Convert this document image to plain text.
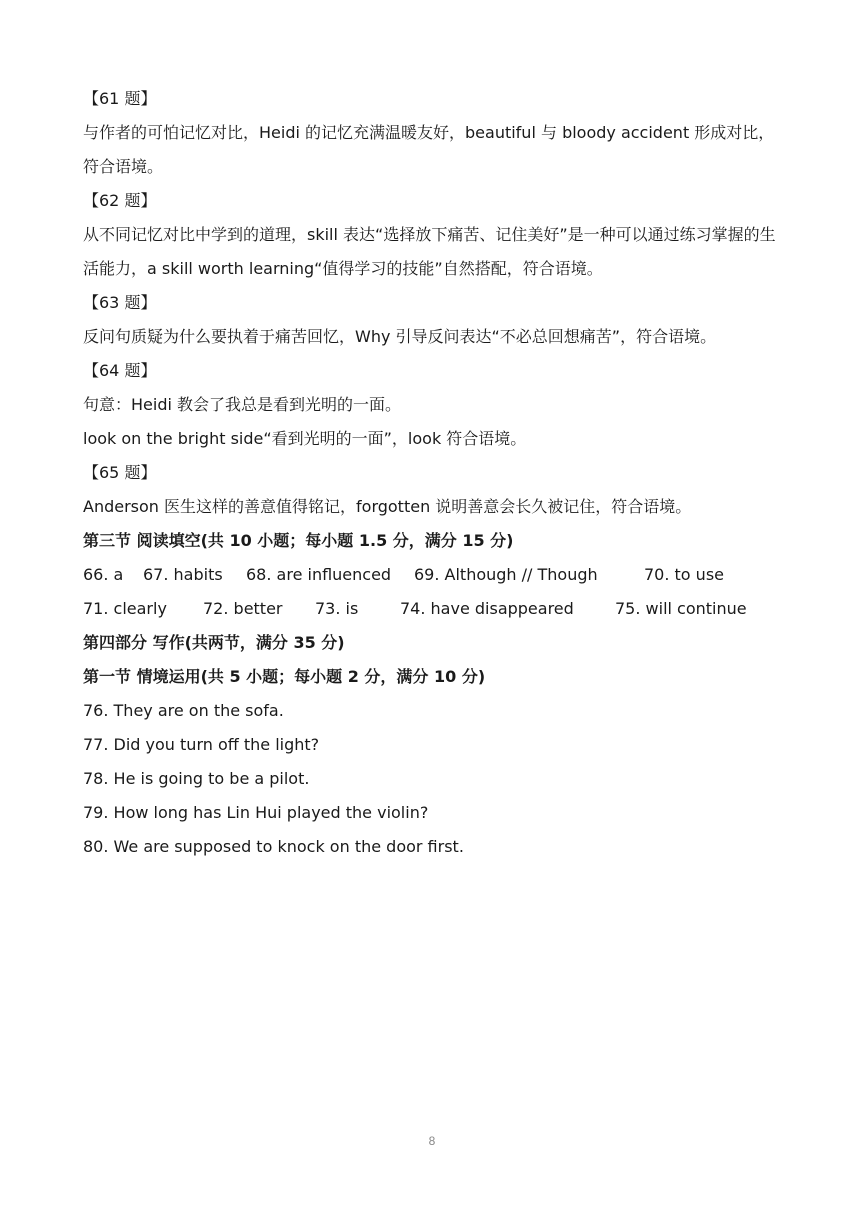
【61 题】

与作者的可怕记忆对比，Heidi 的记忆充满温暖友好，beautiful 与 bloody accident 形成对比，符合语境。

【62 题】

从不同记忆对比中学到的道理，skill 表达“选择放下痛苦、记住美好”是一种可以通过练习掌握的生活能力，a skill worth learning“值得学习的技能”自然搭配，符合语境。

【63 题】

反问句质疑为什么要执着于痛苦回忆，Why 引导反问表达“不必总回想痛苦”，符合语境。

【64 题】

句意：Heidi 教会了我总是看到光明的一面。

look on the bright side“看到光明的一面”，look 符合语境。

【65 题】

Anderson 医生这样的善意值得铭记，forgotten 说明善意会长久被记住，符合语境。

第三节 阅读填空(共 10 小题；每小题 1.5 分，满分 15 分)

66. a	67. habits	68. are influenced	69. Although // Though	70. to use
71. clearly	72. better	73. is	74. have disappeared	75. will continue

第四部分 写作(共两节，满分 35 分)

第一节 情境运用(共 5 小题；每小题 2 分，满分 10 分)

76. They are on the sofa.

77. Did you turn off the light?

78. He is going to be a pilot.

79. How long has Lin Hui played the violin?

80. We are supposed to knock on the door first.

8
